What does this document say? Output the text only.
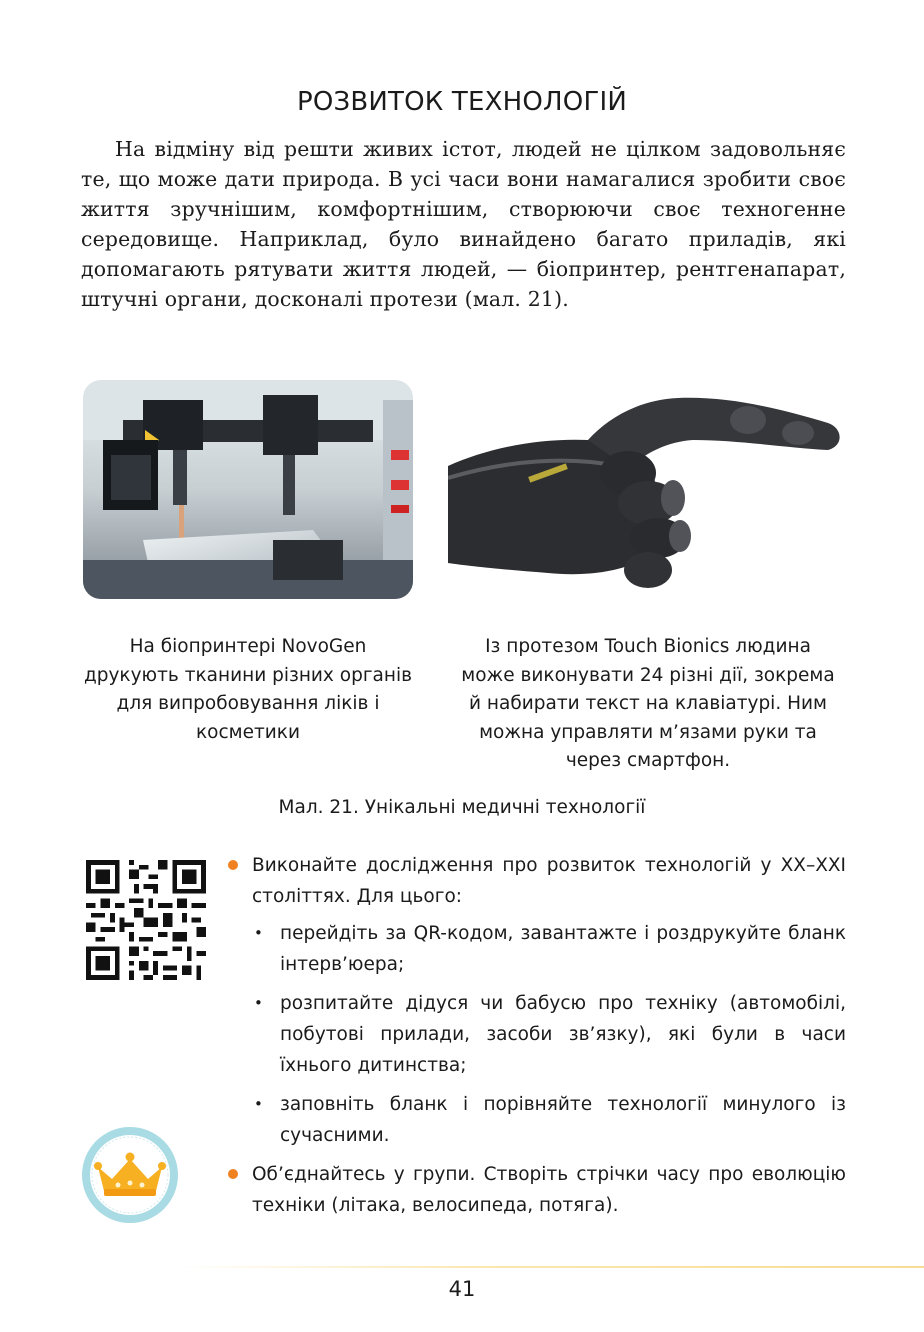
РОЗВИТОК ТЕХНОЛОГІЙ

На відміну від решти живих істот, людей не цілком задовольняє те, що може дати природа. В усі часи вони намагалися зробити своє життя зручнішим, комфортнішим, створюючи своє техногенне середовище. Наприклад, було винайдено багато приладів, які допомагають рятувати життя людей, — біопринтер, рентгенапарат, штучні органи, досконалі протези (мал. 21).

На біопринтері NovoGen друкують тканини різних органів для випробовування ліків і косметики
Із протезом Touch Bionics людина може виконувати 24 різні дії, зокрема й набирати текст на клавіатурі. Ним можна управляти м’язами руки та через смартфон.
Мал. 21. Унікальні медичні технології
Виконайте дослідження про розвиток технологій у XX–XXI століттях. Для цього:
• перейдіть за QR-кодом, завантажте і роздрукуйте бланк інтерв’юера;
• розпитайте дідуся чи бабусю про техніку (автомобілі, побутові прилади, засоби зв’язку), які були в часи їхнього дитинства;
• заповніть бланк і порівняйте технології минулого із сучасними.
Об’єднайтесь у групи. Створіть стрічки часу про еволюцію техніки (літака, велосипеда, потяга).
41
